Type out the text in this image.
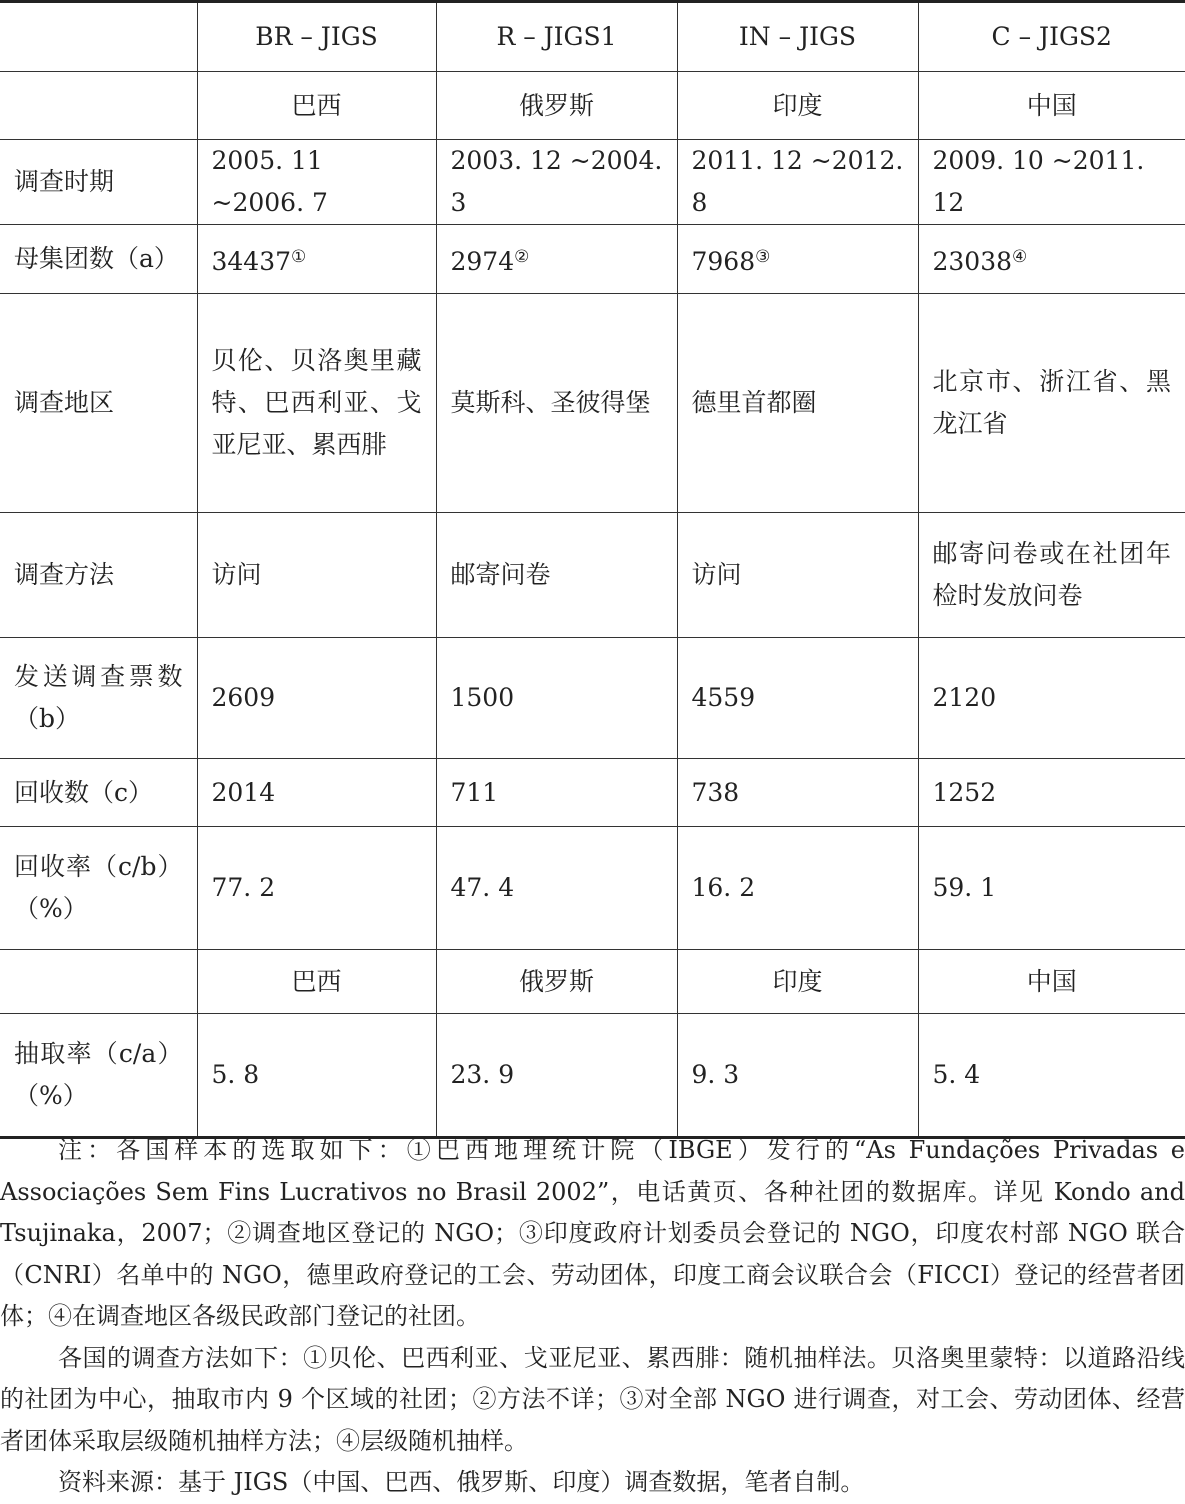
	BR – JIGS	R – JIGS1	IN – JIGS	C – JIGS2
	巴西	俄罗斯	印度	中国
调查时期	2005. 11 ~2006. 7	2003. 12 ~2004. 3	2011. 12 ~2012. 8	2009. 10 ~2011. 12
母集团数（a）	34437①	2974②	7968③	23038④
调查地区	贝伦、贝洛奥里藏特、巴西利亚、戈亚尼亚、累西腓	莫斯科、圣彼得堡	德里首都圈	北京市、浙江省、黑龙江省
调查方法	访问	邮寄问卷	访问	邮寄问卷或在社团年检时发放问卷
发送调查票数（b）	2609	1500	4559	2120
回收数（c）	2014	711	738	1252
回收率（c/b）（%）	77. 2	47. 4	16. 2	59. 1
	巴西	俄罗斯	印度	中国
抽取率（c/a）（%）	5. 8	23. 9	9. 3	5. 4

注：各国样本的选取如下：①巴西地理统计院（IBGE）发行的“As Fundações Privadas e Associações Sem Fins Lucrativos no Brasil 2002”，电话黄页、各种社团的数据库。详见 Kondo and Tsujinaka，2007；②调查地区登记的 NGO；③印度政府计划委员会登记的 NGO，印度农村部 NGO 联合（CNRI）名单中的 NGO，德里政府登记的工会、劳动团体，印度工商会议联合会（FICCI）登记的经营者团体；④在调查地区各级民政部门登记的社团。

各国的调查方法如下：①贝伦、巴西利亚、戈亚尼亚、累西腓：随机抽样法。贝洛奥里蒙特：以道路沿线的社团为中心，抽取市内 9 个区域的社团；②方法不详；③对全部 NGO 进行调查，对工会、劳动团体、经营者团体采取层级随机抽样方法；④层级随机抽样。

资料来源：基于 JIGS（中国、巴西、俄罗斯、印度）调查数据，笔者自制。
